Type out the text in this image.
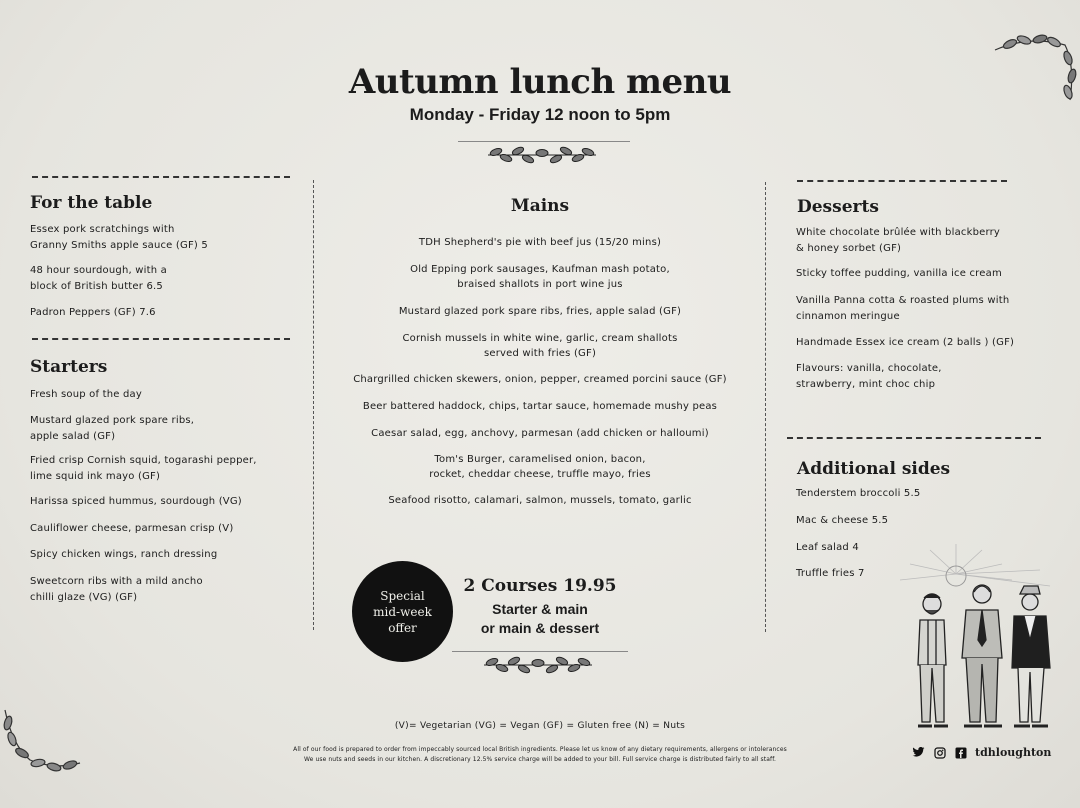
Autumn lunch menu
Monday - Friday 12 noon to 5pm
For the table
Essex pork scratchings with
Granny Smiths apple sauce (GF) 5
48 hour sourdough, with a
block of British butter 6.5
Padron Peppers (GF) 7.6
Starters
Fresh soup of the day
Mustard glazed pork spare ribs,
apple salad (GF)
Fried crisp Cornish squid, togarashi pepper,
lime squid ink mayo (GF)
Harissa spiced hummus, sourdough (VG)
Cauliflower cheese, parmesan crisp (V)
Spicy chicken wings, ranch dressing
Sweetcorn ribs with a mild ancho
chilli glaze (VG) (GF)
Mains
TDH Shepherd's pie with beef jus (15/20 mins)
Old Epping pork sausages, Kaufman mash potato,
braised shallots in port wine jus
Mustard glazed pork spare ribs, fries, apple salad (GF)
Cornish mussels in white wine, garlic, cream shallots
served with fries (GF)
Chargrilled chicken skewers, onion, pepper, creamed porcini sauce (GF)
Beer battered haddock, chips, tartar sauce, homemade mushy peas
Caesar salad, egg, anchovy, parmesan (add chicken or halloumi)
Tom's Burger, caramelised onion, bacon,
rocket, cheddar cheese, truffle mayo, fries
Seafood risotto, calamari, salmon, mussels, tomato, garlic
Special
mid-week
offer
2 Courses 19.95
Starter & main
or main & dessert
Desserts
White chocolate brûlée with blackberry
& honey sorbet (GF)
Sticky toffee pudding, vanilla ice cream
Vanilla Panna cotta & roasted plums with
cinnamon meringue
Handmade Essex ice cream (2 balls ) (GF)
Flavours: vanilla, chocolate,
strawberry, mint choc chip
Additional sides
Tenderstem broccoli 5.5
Mac & cheese 5.5
Leaf salad 4
Truffle fries 7
(V)= Vegetarian (VG) = Vegan (GF) = Gluten free (N) = Nuts
All of our food is prepared to order from impeccably sourced local British ingredients. Please let us know of any dietary requirements, allergens or intolerances
We use nuts and seeds in our kitchen. A discretionary 12.5% service charge will be added to your bill. Full service charge is distributed fairly to all staff.
tdhloughton
